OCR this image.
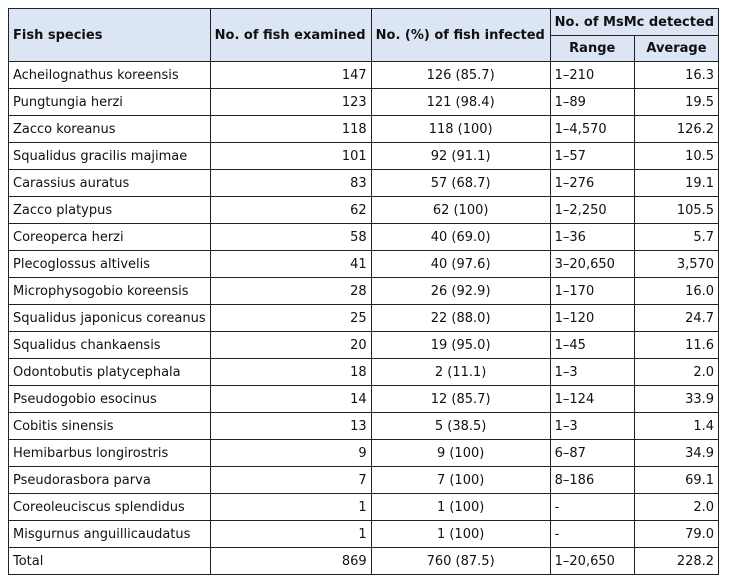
Fish species	No. of fish examined	No. (%) of fish infected	No. of MsMc detected	
			Range	Average
Acheilognathus koreensis	147	126 (85.7)	1–210	16.3
Pungtungia herzi	123	121 (98.4)	1–89	19.5
Zacco koreanus	118	118 (100)	1–4,570	126.2
Squalidus gracilis majimae	101	92 (91.1)	1–57	10.5
Carassius auratus	83	57 (68.7)	1–276	19.1
Zacco platypus	62	62 (100)	1–2,250	105.5
Coreoperca herzi	58	40 (69.0)	1–36	5.7
Plecoglossus altivelis	41	40 (97.6)	3–20,650	3,570
Microphysogobio koreensis	28	26 (92.9)	1–170	16.0
Squalidus japonicus coreanus	25	22 (88.0)	1–120	24.7
Squalidus chankaensis	20	19 (95.0)	1–45	11.6
Odontobutis platycephala	18	2 (11.1)	1–3	2.0
Pseudogobio esocinus	14	12 (85.7)	1–124	33.9
Cobitis sinensis	13	5 (38.5)	1–3	1.4
Hemibarbus longirostris	9	9 (100)	6–87	34.9
Pseudorasbora parva	7	7 (100)	8–186	69.1
Coreoleuciscus splendidus	1	1 (100)	-	2.0
Misgurnus anguillicaudatus	1	1 (100)	-	79.0
Total	869	760 (87.5)	1–20,650	228.2
